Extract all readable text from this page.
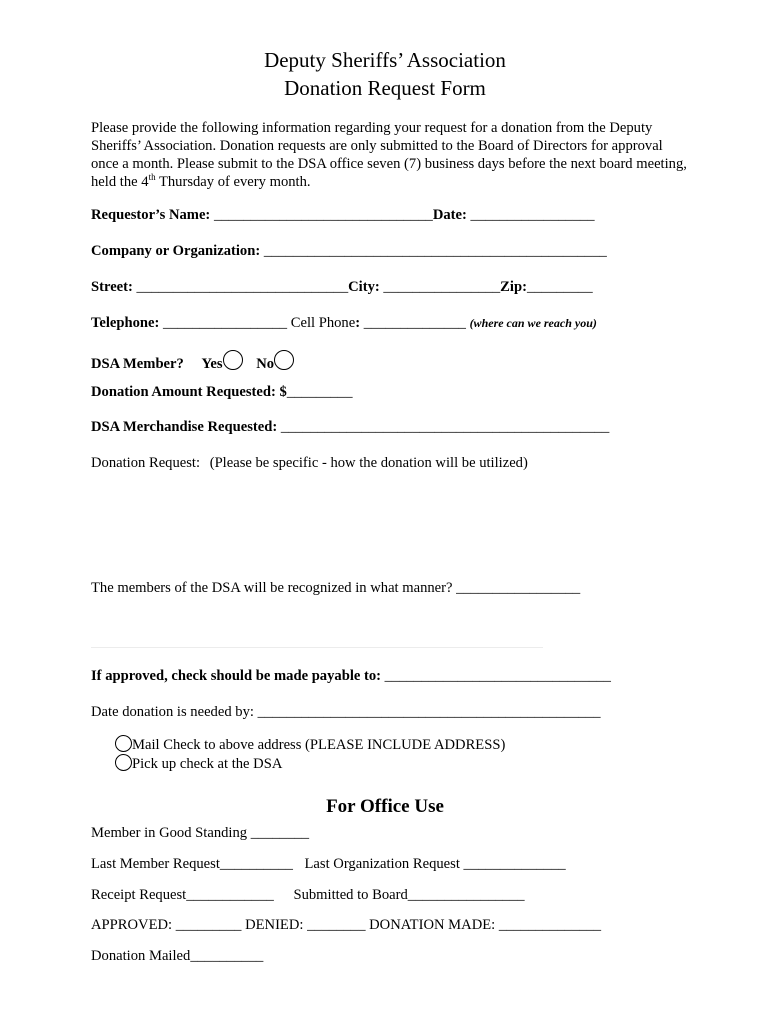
Deputy Sheriffs’ Association
Donation Request Form
Please provide the following information regarding your request for a donation from the Deputy Sheriffs’ Association. Donation requests are only submitted to the Board of Directors for approval once a month. Please submit to the DSA office seven (7) business days before the next board meeting, held the 4th Thursday of every month.
Requestor’s Name: ______________________________Date: _________________
Company or Organization: _______________________________________________
Street: _____________________________City: ________________Zip:_________
Telephone: _________________ Cell Phone: ______________ (where can we reach you)
DSA Member? Yes No
Donation Amount Requested: $_________
DSA Merchandise Requested: _____________________________________________
Donation Request: (Please be specific - how the donation will be utilized)
The members of the DSA will be recognized in what manner? _________________
If approved, check should be made payable to: _______________________________
Date donation is needed by: _______________________________________________
Mail Check to above address (PLEASE INCLUDE ADDRESS)
Pick up check at the DSA
For Office Use
Member in Good Standing ________
Last Member Request__________ Last Organization Request ______________
Receipt Request____________ Submitted to Board________________
APPROVED: _________ DENIED: ________ DONATION MADE: ______________
Donation Mailed__________
